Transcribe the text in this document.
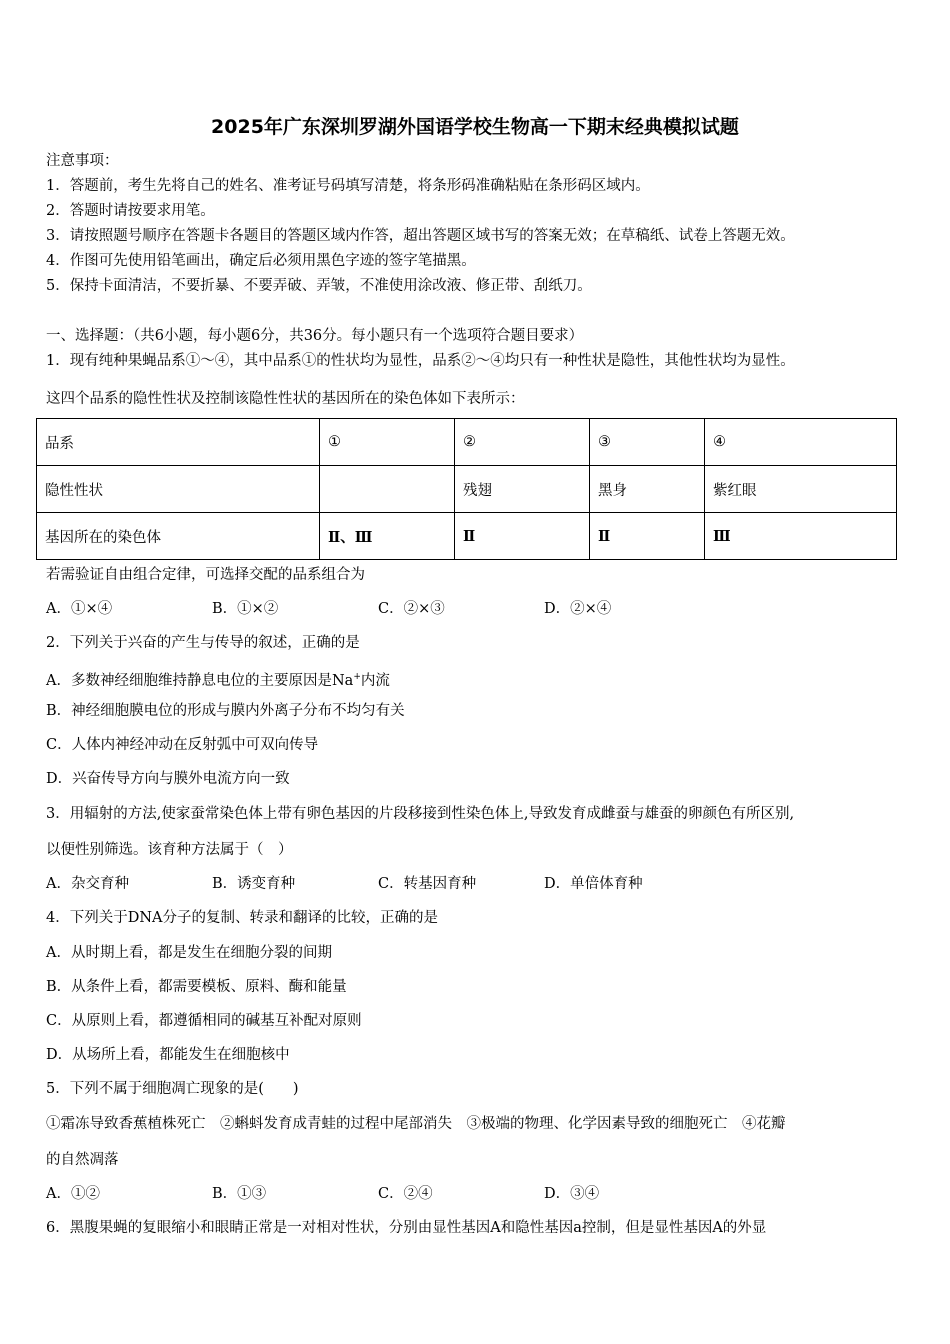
2025年广东深圳罗湖外国语学校生物高一下期末经典模拟试题
注意事项：
1．答题前，考生先将自己的姓名、准考证号码填写清楚，将条形码准确粘贴在条形码区域内。
2．答题时请按要求用笔。
3．请按照题号顺序在答题卡各题目的答题区域内作答，超出答题区域书写的答案无效；在草稿纸、试卷上答题无效。
4．作图可先使用铅笔画出，确定后必须用黑色字迹的签字笔描黑。
5．保持卡面清洁，不要折暴、不要弄破、弄皱，不准使用涂改液、修正带、刮纸刀。
一、选择题：（共6小题，每小题6分，共36分。每小题只有一个选项符合题目要求）
1．现有纯种果蝇品系①～④，其中品系①的性状均为显性，品系②～④均只有一种性状是隐性，其他性状均为显性。
这四个品系的隐性性状及控制该隐性性状的基因所在的染色体如下表所示：
品系	①	②	③	④
隐性性状		残翅	黑身	紫红眼
基因所在的染色体	Ⅱ、Ⅲ	Ⅱ	Ⅱ	Ⅲ
若需验证自由组合定律，可选择交配的品系组合为
A．①×④	B．①×②	C．②×③	D．②×④
2．下列关于兴奋的产生与传导的叙述，正确的是
A．多数神经细胞维持静息电位的主要原因是Na+内流
B．神经细胞膜电位的形成与膜内外离子分布不均匀有关
C．人体内神经冲动在反射弧中可双向传导
D．兴奋传导方向与膜外电流方向一致
3．用辐射的方法,使家蚕常染色体上带有卵色基因的片段移接到性染色体上,导致发育成雌蚕与雄蚕的卵颜色有所区别,
以便性别筛选。该育种方法属于（　）
A．杂交育种	B．诱变育种	C．转基因育种	D．单倍体育种
4．下列关于DNA分子的复制、转录和翻译的比较，正确的是
A．从时期上看，都是发生在细胞分裂的间期
B．从条件上看，都需要模板、原料、酶和能量
C．从原则上看，都遵循相同的碱基互补配对原则
D．从场所上看，都能发生在细胞核中
5．下列不属于细胞凋亡现象的是(　　)
①霜冻导致香蕉植株死亡　②蝌蚪发育成青蛙的过程中尾部消失　③极端的物理、化学因素导致的细胞死亡　④花瓣
的自然凋落
A．①②	B．①③	C．②④	D．③④
6．黑腹果蝇的复眼缩小和眼睛正常是一对相对性状，分别由显性基因A和隐性基因a控制，但是显性基因A的外显
